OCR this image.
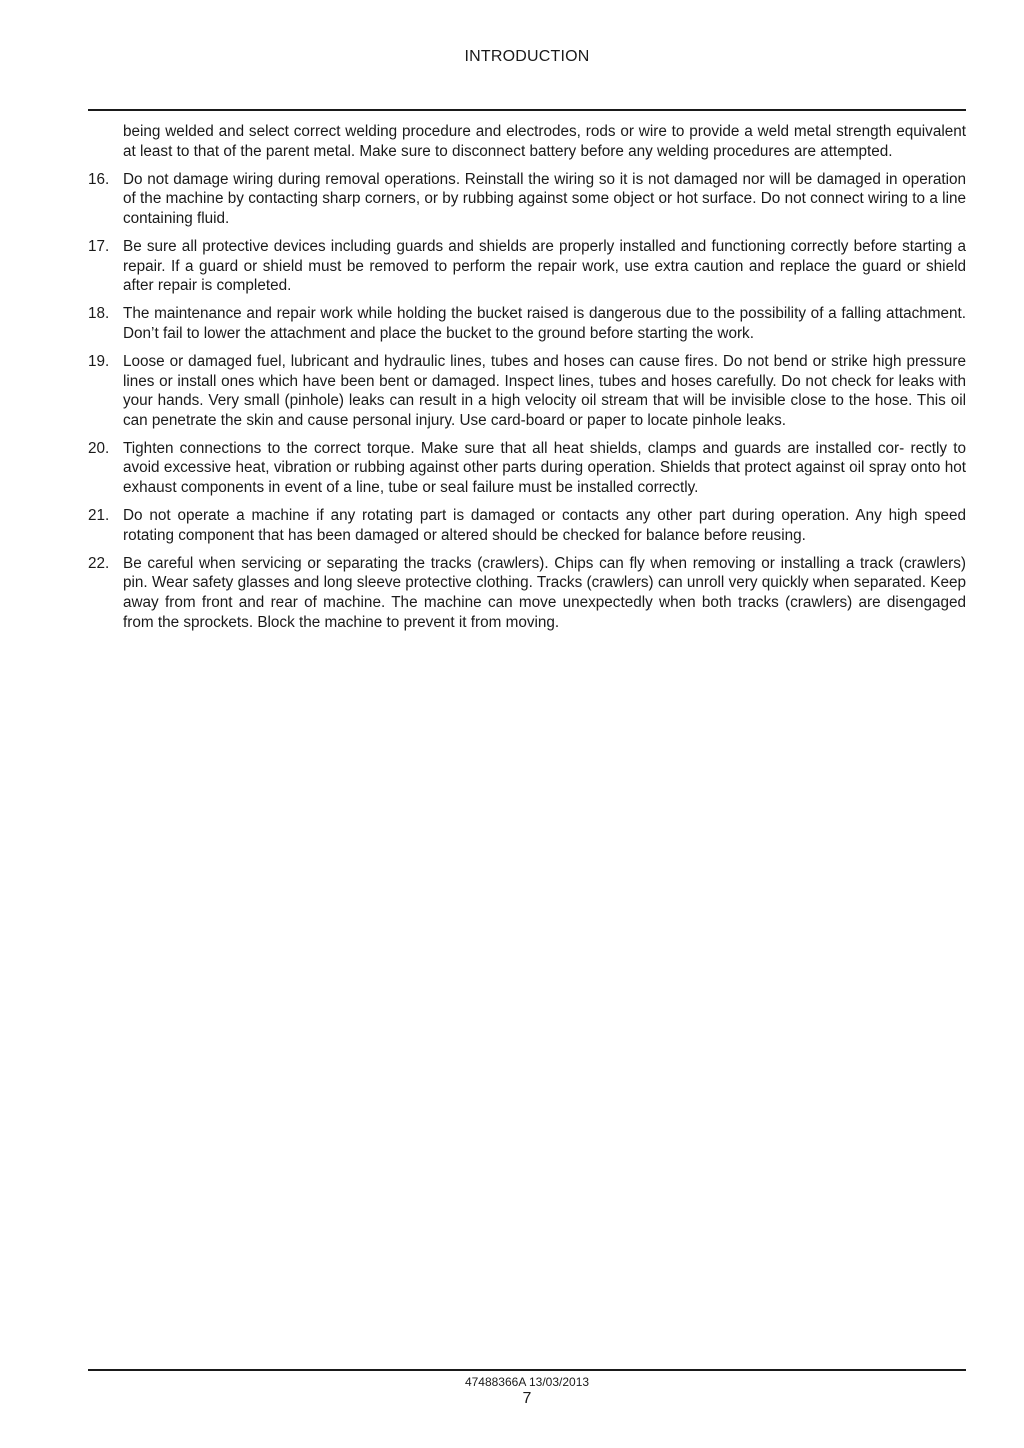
INTRODUCTION
being welded and select correct welding procedure and electrodes, rods or wire to provide a weld metal strength equivalent at least to that of the parent metal. Make sure to disconnect battery before any welding procedures are attempted.
16. Do not damage wiring during removal operations. Reinstall the wiring so it is not damaged nor will be damaged in operation of the machine by contacting sharp corners, or by rubbing against some object or hot surface. Do not connect wiring to a line containing fluid.
17. Be sure all protective devices including guards and shields are properly installed and functioning correctly before starting a repair. If a guard or shield must be removed to perform the repair work, use extra caution and replace the guard or shield after repair is completed.
18. The maintenance and repair work while holding the bucket raised is dangerous due to the possibility of a falling attachment. Don’t fail to lower the attachment and place the bucket to the ground before starting the work.
19. Loose or damaged fuel, lubricant and hydraulic lines, tubes and hoses can cause fires. Do not bend or strike high pressure lines or install ones which have been bent or damaged. Inspect lines, tubes and hoses carefully. Do not check for leaks with your hands. Very small (pinhole) leaks can result in a high velocity oil stream that will be invisible close to the hose. This oil can penetrate the skin and cause personal injury. Use card-board or paper to locate pinhole leaks.
20. Tighten connections to the correct torque. Make sure that all heat shields, clamps and guards are installed cor- rectly to avoid excessive heat, vibration or rubbing against other parts during operation. Shields that protect against oil spray onto hot exhaust components in event of a line, tube or seal failure must be installed correctly.
21. Do not operate a machine if any rotating part is damaged or contacts any other part during operation. Any high speed rotating component that has been damaged or altered should be checked for balance before reusing.
22. Be careful when servicing or separating the tracks (crawlers). Chips can fly when removing or installing a track (crawlers) pin. Wear safety glasses and long sleeve protective clothing. Tracks (crawlers) can unroll very quickly when separated. Keep away from front and rear of machine. The machine can move unexpectedly when both tracks (crawlers) are disengaged from the sprockets. Block the machine to prevent it from moving.
47488366A 13/03/2013
7
